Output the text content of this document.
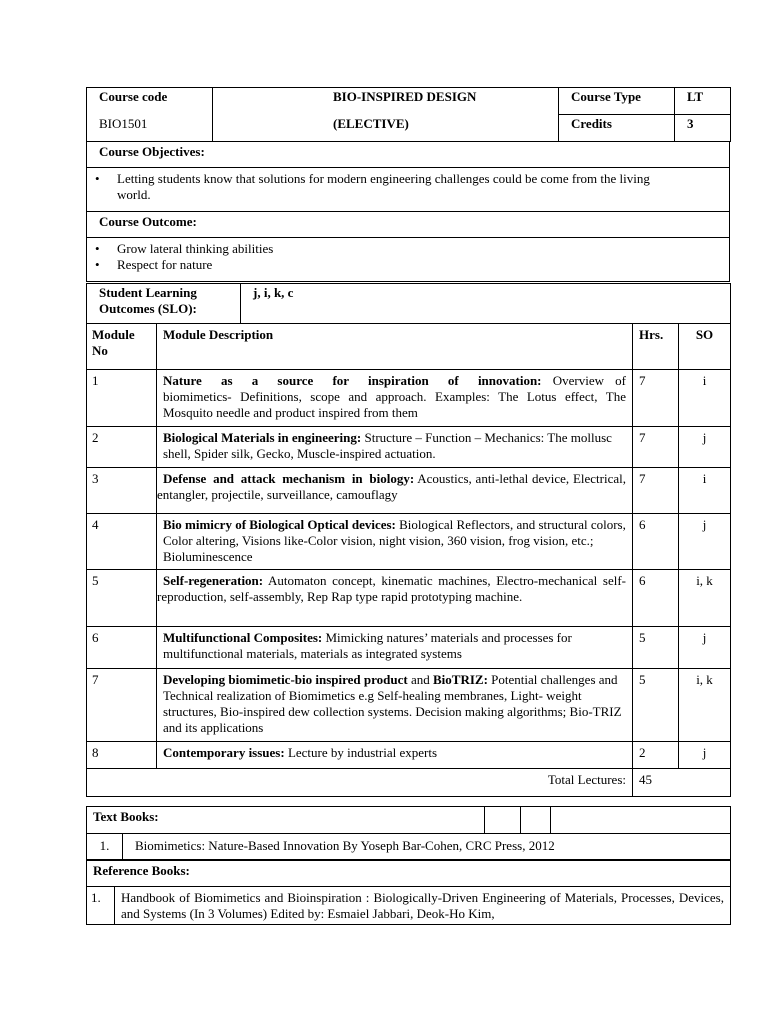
Course code	BIO-INSPIRED DESIGN	Course Type	LT
BIO1501	(ELECTIVE)	Credits	3
Course Objectives:

• Letting students know that solutions for modern engineering challenges could be come from the living world.

Course Outcome:

• Grow lateral thinking abilities
• Respect for nature
Student Learning
Outcomes (SLO):
	j, i, k, c
Module No	Module Description	Hrs.	SO
1	Nature as a source for inspiration of innovation: Overview of biomimetics- Definitions, scope and approach. Examples: The Lotus effect, The Mosquito needle and product inspired from them	7	i
2	Biological Materials in engineering: Structure – Function – Mechanics: The mollusc shell, Spider silk, Gecko, Muscle-inspired actuation.	7	j
3	Defense and attack mechanism in biology: Acoustics, anti-lethal device, Electrical, entangler, projectile, surveillance, camouflagy	7	i
4	Bio mimicry of Biological Optical devices: Biological Reflectors, and structural colors, Color altering, Visions like-Color vision, night vision, 360 vision, frog vision, etc.; Bioluminescence	6	j
5	Self-regeneration: Automaton concept, kinematic machines, Electro-mechanical self-reproduction, self-assembly, Rep Rap type rapid prototyping machine.	6	i, k
6	Multifunctional Composites: Mimicking natures’ materials and processes for multifunctional materials, materials as integrated systems	5	j
7	Developing biomimetic-bio inspired product and BioTRIZ: Potential challenges and Technical realization of Biomimetics e.g Self-healing membranes, Light- weight structures, Bio-inspired dew collection systems. Decision making algorithms; Bio-TRIZ and its applications	5	i, k
8	Contemporary issues: Lecture by industrial experts	2	j
Total Lectures:		45	
Text Books:				
1.	Biomimetics: Nature-Based Innovation By Yoseph Bar-Cohen, CRC Press, 2012			
Reference Books:
1.	Handbook of Biomimetics and Bioinspiration : Biologically-Driven Engineering of Materials, Processes, Devices, and Systems (In 3 Volumes) Edited by: Esmaiel Jabbari, Deok-Ho Kim,
